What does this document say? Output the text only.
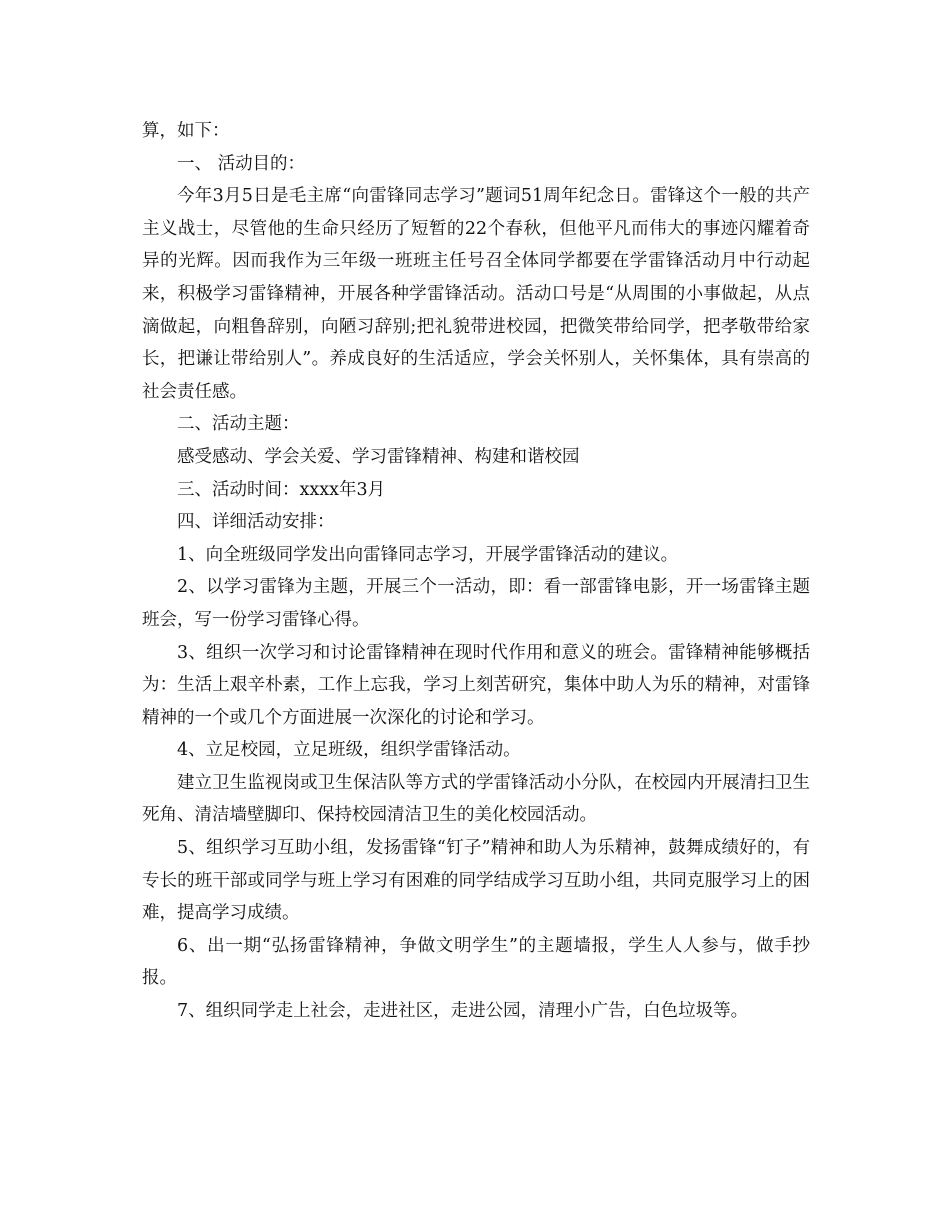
算，如下：

一、 活动目的：

今年3月5日是毛主席“向雷锋同志学习”题词51周年纪念日。雷锋这个一般的共产主义战士，尽管他的生命只经历了短暂的22个春秋，但他平凡而伟大的事迹闪耀着奇异的光辉。因而我作为三年级一班班主任号召全体同学都要在学雷锋活动月中行动起来，积极学习雷锋精神，开展各种学雷锋活动。活动口号是“从周围的小事做起，从点滴做起，向粗鲁辞别，向陋习辞别;把礼貌带进校园，把微笑带给同学，把孝敬带给家长，把谦让带给别人”。养成良好的生活适应，学会关怀别人，关怀集体，具有崇高的社会责任感。

二、活动主题：

感受感动、学会关爱、学习雷锋精神、构建和谐校园

三、活动时间：xxxx年3月

四、详细活动安排：

1、向全班级同学发出向雷锋同志学习，开展学雷锋活动的建议。

2、以学习雷锋为主题，开展三个一活动，即：看一部雷锋电影，开一场雷锋主题班会，写一份学习雷锋心得。

3、组织一次学习和讨论雷锋精神在现时代作用和意义的班会。雷锋精神能够概括为：生活上艰辛朴素，工作上忘我，学习上刻苦研究，集体中助人为乐的精神，对雷锋精神的一个或几个方面进展一次深化的讨论和学习。

4、立足校园，立足班级，组织学雷锋活动。

建立卫生监视岗或卫生保洁队等方式的学雷锋活动小分队，在校园内开展清扫卫生死角、清洁墙壁脚印、保持校园清洁卫生的美化校园活动。

5、组织学习互助小组，发扬雷锋“钉子”精神和助人为乐精神，鼓舞成绩好的，有专长的班干部或同学与班上学习有困难的同学结成学习互助小组，共同克服学习上的困难，提高学习成绩。

6、出一期“弘扬雷锋精神，争做文明学生”的主题墙报，学生人人参与，做手抄报。

7、组织同学走上社会，走进社区，走进公园，清理小广告，白色垃圾等。
